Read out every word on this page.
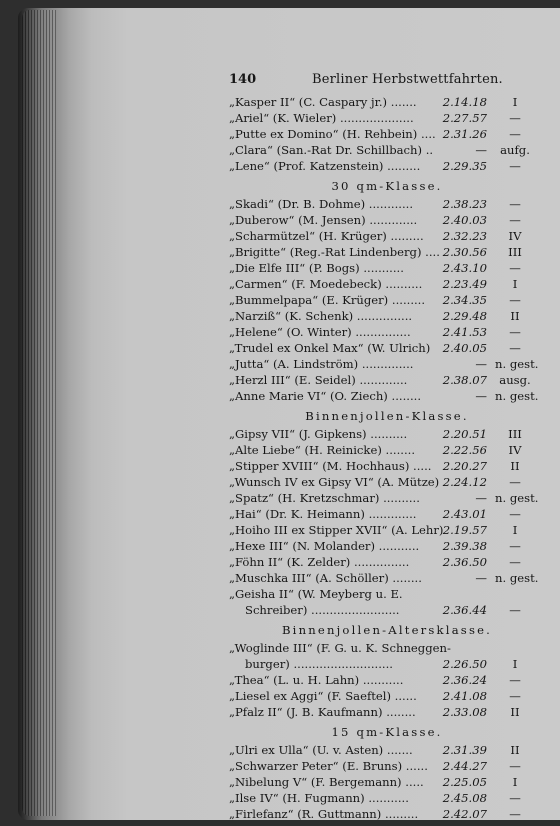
140	Berliner Herbstwettfahrten.
„Kasper II“ (C. Caspary jr.) ....... 2.14.18	I
„Ariel“ (K. Wieler) ....................	2.27.57	—
„Putte ex Domino“ (H. Rehbein) .... 2.31.26	—
„Clara“ (San.-Rat Dr. Schillbach) ..	—	aufg.
„Lene“ (Prof. Katzenstein) ......... 2.29.35	—
30 qm-Klasse.
„Skadi“ (Dr. B. Dohme) ............	2.38.23	—
„Duberow“ (M. Jensen) ............. 2.40.03	—
„Scharmützel“ (H. Krüger) ......... 2.32.23	IV
„Brigitte“ (Reg.-Rat Lindenberg) .... 2.30.56	III
„Die Elfe III“ (P. Bogs) ...........	2.43.10	—
„Carmen“ (F. Moedebeck) .......... 2.23.49	I
„Bummelpapa“ (E. Krüger) ......... 2.34.35	—
„Narziß“ (K. Schenk) ...............	2.29.48	II
„Helene“ (O. Winter) ...............	2.41.53	—
„Trudel ex Onkel Max“ (W. Ulrich) 2.40.05	—
„Jutta“ (A. Lindström) ..............	— n. gest.
„Herzl III“ (E. Seidel) .............	2.38.07	ausg.
„Anne Marie VI“ (O. Ziech) ........	— n. gest.
Binnenjollen-Klasse.
„Gipsy VII“ (J. Gipkens) ..........	2.20.51	III
„Alte Liebe“ (H. Reinicke) ........ 2.22.56	IV
„Stipper XVIII“ (M. Hochhaus) ..... 2.20.27	II
„Wunsch IV ex Gipsy VI“ (A. Mütze) 2.24.12	—
„Spatz“ (H. Kretzschmar) ..........	— n. gest.
„Hai“ (Dr. K. Heimann) ............. 2.43.01	—
„Hoiho III ex Stipper XVII“ (A. Lehr) 2.19.57	I
„Hexe III“ (N. Molander) ........... 2.39.38	—
„Föhn II“ (K. Zelder) ...............	2.36.50	—
„Muschka III“ (A. Schöller) ........	— n. gest.
„Geisha II“ (W. Meyberg u. E.
Schreiber) ........................	2.36.44	—
Binnenjollen-Altersklasse.
„Woglinde III“ (F. G. u. K. Schneggen-
burger) ...........................	2.26.50	I
„Thea“ (L. u. H. Lahn) ...........	2.36.24	—
„Liesel ex Aggi“ (F. Saeftel) ...... 2.41.08	—
„Pfalz II“ (J. B. Kaufmann) ........ 2.33.08	II
15 qm-Klasse.
„Ulri ex Ulla“ (U. v. Asten) .......	2.31.39	II
„Schwarzer Peter“ (E. Bruns) ...... 2.44.27	—
„Nibelung V“ (F. Bergemann) ..... 2.25.05	I
„Ilse IV“ (H. Fugmann) ...........	2.45.08	—
„Firlefanz“ (R. Guttmann) ......... 2.42.07	—
